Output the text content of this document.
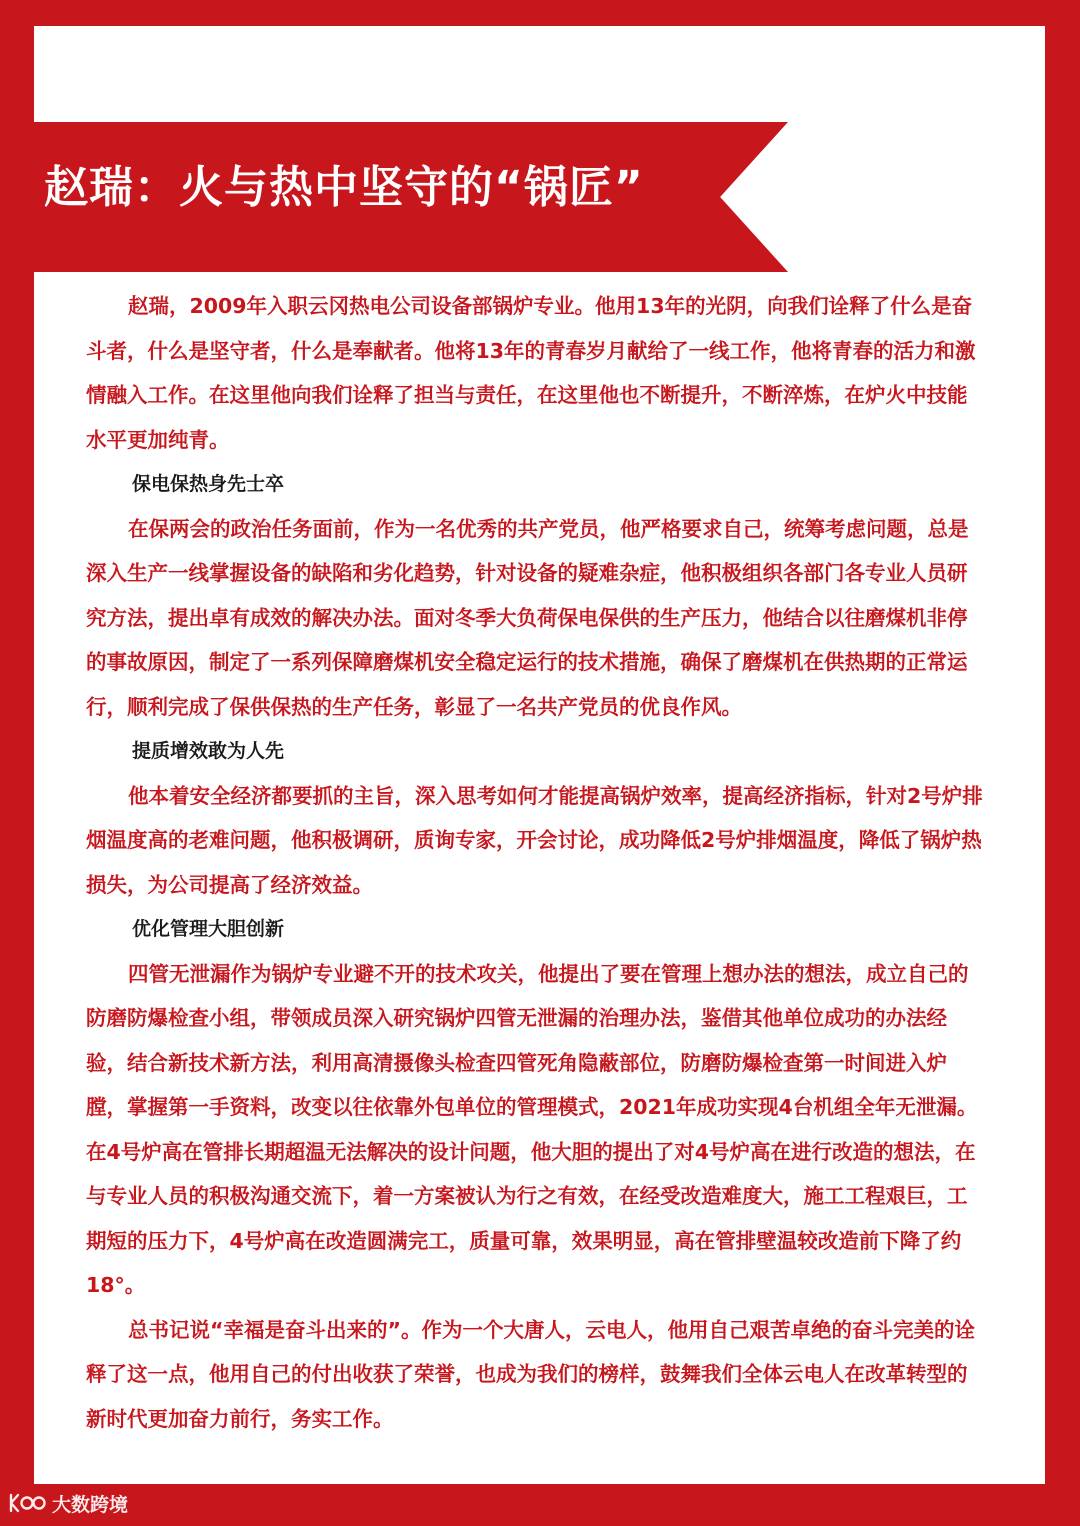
赵瑞：火与热中坚守的“锅匠”

赵瑞，2009年入职云冈热电公司设备部锅炉专业。他用13年的光阴，向我们诠释了什么是奋斗者，什么是坚守者，什么是奉献者。他将13年的青春岁月献给了一线工作，他将青春的活力和激情融入工作。在这里他向我们诠释了担当与责任，在这里他也不断提升，不断淬炼，在炉火中技能水平更加纯青。

保电保热身先士卒

在保两会的政治任务面前，作为一名优秀的共产党员，他严格要求自己，统筹考虑问题，总是深入生产一线掌握设备的缺陷和劣化趋势，针对设备的疑难杂症，他积极组织各部门各专业人员研究方法，提出卓有成效的解决办法。面对冬季大负荷保电保供的生产压力，他结合以往磨煤机非停的事故原因，制定了一系列保障磨煤机安全稳定运行的技术措施，确保了磨煤机在供热期的正常运行，顺利完成了保供保热的生产任务，彰显了一名共产党员的优良作风。

提质增效敢为人先

他本着安全经济都要抓的主旨，深入思考如何才能提高锅炉效率，提高经济指标，针对2号炉排烟温度高的老难问题，他积极调研，质询专家，开会讨论，成功降低2号炉排烟温度，降低了锅炉热损失，为公司提高了经济效益。

优化管理大胆创新

四管无泄漏作为锅炉专业避不开的技术攻关，他提出了要在管理上想办法的想法，成立自己的防磨防爆检查小组，带领成员深入研究锅炉四管无泄漏的治理办法，鉴借其他单位成功的办法经验，结合新技术新方法，利用高清摄像头检查四管死角隐蔽部位，防磨防爆检查第一时间进入炉膛，掌握第一手资料，改变以往依靠外包单位的管理模式，2021年成功实现4台机组全年无泄漏。在4号炉高在管排长期超温无法解决的设计问题，他大胆的提出了对4号炉高在进行改造的想法，在与专业人员的积极沟通交流下，着一方案被认为行之有效，在经受改造难度大，施工工程艰巨，工期短的压力下，4号炉高在改造圆满完工，质量可靠，效果明显，高在管排壁温较改造前下降了约18°。

总书记说“幸福是奋斗出来的”。作为一个大唐人，云电人，他用自己艰苦卓绝的奋斗完美的诠释了这一点，他用自己的付出收获了荣誉，也成为我们的榜样，鼓舞我们全体云电人在改革转型的新时代更加奋力前行，务实工作。

大数跨境
